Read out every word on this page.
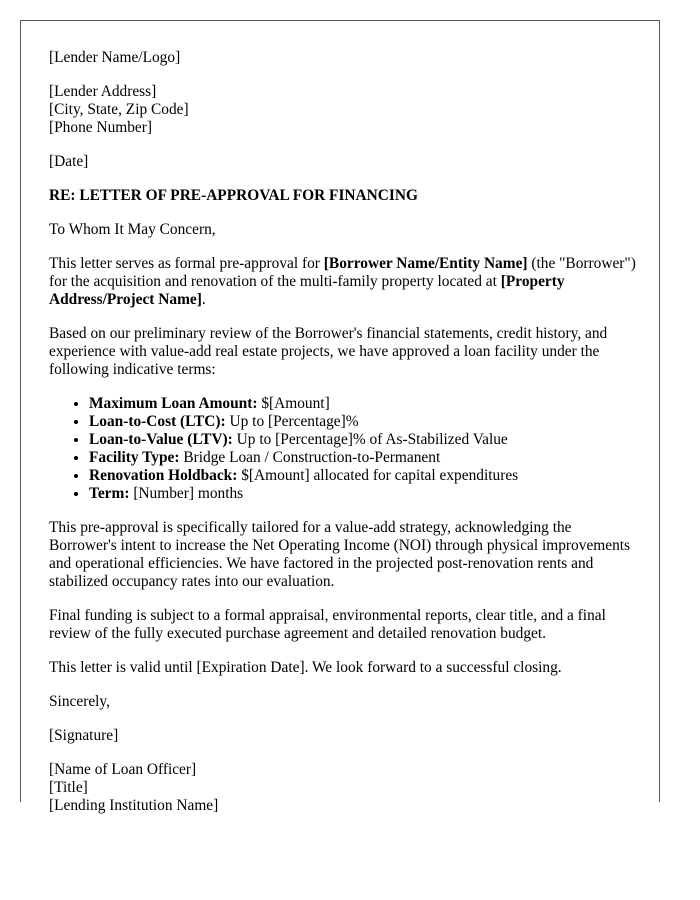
[Lender Name/Logo]

[Lender Address]
[City, State, Zip Code]
[Phone Number]

[Date]

RE: LETTER OF PRE-APPROVAL FOR FINANCING

To Whom It May Concern,

This letter serves as formal pre-approval for [Borrower Name/Entity Name] (the "Borrower") for the acquisition and renovation of the multi-family property located at [Property Address/Project Name].

Based on our preliminary review of the Borrower's financial statements, credit history, and experience with value-add real estate projects, we have approved a loan facility under the following indicative terms:

• Maximum Loan Amount: $[Amount]
• Loan-to-Cost (LTC): Up to [Percentage]%
• Loan-to-Value (LTV): Up to [Percentage]% of As-Stabilized Value
• Facility Type: Bridge Loan / Construction-to-Permanent
• Renovation Holdback: $[Amount] allocated for capital expenditures
• Term: [Number] months

This pre-approval is specifically tailored for a value-add strategy, acknowledging the Borrower's intent to increase the Net Operating Income (NOI) through physical improvements and operational efficiencies. We have factored in the projected post-renovation rents and stabilized occupancy rates into our evaluation.

Final funding is subject to a formal appraisal, environmental reports, clear title, and a final review of the fully executed purchase agreement and detailed renovation budget.

This letter is valid until [Expiration Date]. We look forward to a successful closing.

Sincerely,

[Signature]

[Name of Loan Officer]
[Title]
[Lending Institution Name]
